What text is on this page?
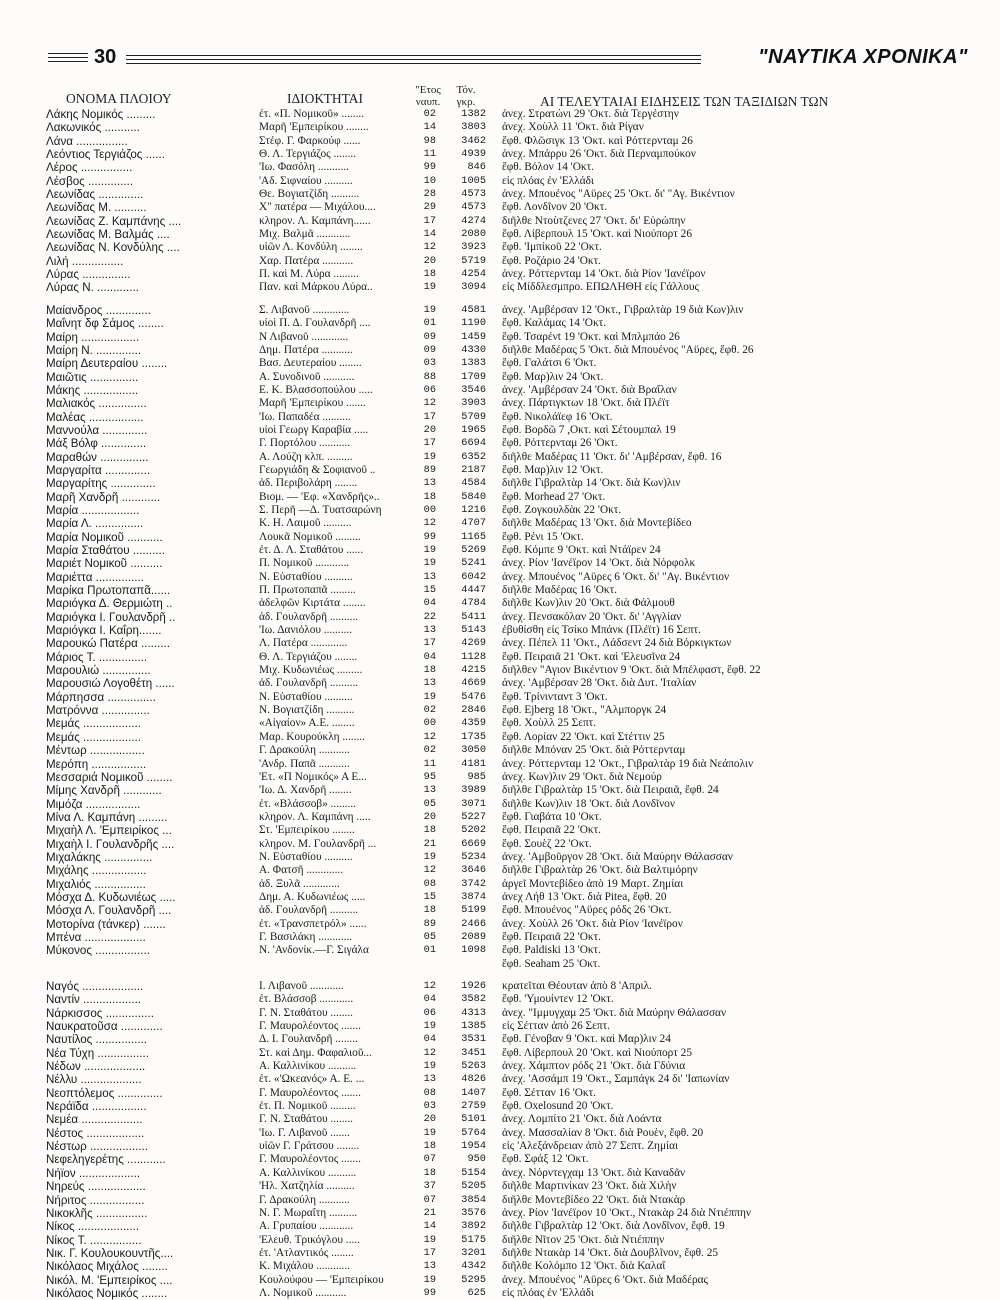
30	"ΝΑΥΤΙΚΑ ΧΡΟΝΙΚΑ"
ΟΝΟΜΑ ΠΛΟΙΟΥ	ΙΔΙΟΚΤΗΤΑΙ
"Ετος
ναυπ.
Τόν.
γκρ.	ΑΙ ΤΕΛΕΥΤΑΙΑΙ ΕΙΔΗΣΕΙΣ ΤΩΝ ΤΑΞΙΔΙΩΝ ΤΩΝ
Λάκης Νομικός .........	έτ. «Π. Νομικοῦ» ........	02	1382 ἀνεχ. Στρατώνι 29 'Οκτ. διὰ Τεργέστην
Λακωνικός ...........	Μαρῆ 'Εμπειρίκου ........	14	3803 ἀνεχ. Χοὺλλ 11 'Οκτ. διὰ Ρίγαν
Λάνα ................	Στέφ. Γ. Φαρκούφ ......	98	3462 ἔφθ. Φλῶσιγκ 13 'Οκτ. καὶ Ρόττερνταμ 26
Λεόντιος Τεργιάζος ......	Θ. Λ. Τεργιάζος ........	11	4939 ἀνεχ. Μπάρρυ 26 'Οκτ. διὰ Περναμπούκον
Λέρος ................	'Ιω. Φασόλη ...........	99	846 ἔφθ. Βόλον 14 'Οκτ.
Λέσβος ..............	'Αδ. Σιφναίου ..........	10	1005 εἰς πλόας ἐν 'Ελλάδι
Λεωνίδας ..............	Θε. Βογιατζίδη ..........	28	4573 ἀνεχ. Μπουένος "Αϋρες 25 'Οκτ. δι' "Αγ. Βικέντιον
Λεωνίδας Μ. ..........	Χ" πατέρα — Μιχάλου....	29	4573 ἔφθ. Λονδῖνον 20 'Οκτ.
Λεωνίδας Ζ. Καμπάνης ....	κληρον. Λ. Καμπάνη......	17	4274 διῆλθε Ντοὺτζενες 27 'Οκτ. δι' Εὐρώπην
Λεωνίδας Μ. Βαλμάς ....	Μιχ. Βαλμᾶ ............	14	2080 ἔφθ. Λίβερπουλ 15 'Οκτ. καὶ Νιούπορτ 26
Λεωνίδας Ν. Κονδύλης ....	υἱῶν Λ. Κονδύλη ........	12	3923 ἔφθ. 'Ιμπίκοῦ 22 'Οκτ.
Λιλή ................	Χαρ. Πατέρα ...........	20	5719 ἔφθ. Ροζάριο 24 'Οκτ.
Λύρας ...............	Π. καὶ Μ. Λύρα .........	18	4254 ἀνεχ. Ρόττερνταμ 14 'Οκτ. διὰ Ρίον 'Ιανέϊρον
Λύρας Ν. .............	Παν. καὶ Μάρκου Λύρα..	19	3094 εἰς Μίδδλεσμπρο. ΕΠΩΛΗΘΗ εἰς Γάλλους
Μαίανδρος ..............	Σ. Λιβανοῦ .............	19	4581 ἀνεχ. 'Αμβέρσαν 12 'Οκτ., Γιβραλτὰρ 19 διὰ Κων)λιν
Μαΐνητ δφ Σάμος ........	υἱοὶ Π. Δ. Γουλανδρῆ ....	01	1190 ἔφθ. Καλάμας 14 'Οκτ.
Μαίρη ..................	Ν Λιβανοῦ .............	09	1459 ἔφθ. Τσαρένt 19 'Οκτ. καὶ Μπλμπάο 26
Μαίρη Ν. ..............	Δημ. Πατέρα ...........	09	4330 διῆλθε Μαδέρας 5 'Οκτ. διὰ Μπουένος "Αϋρες, ἔφθ. 26
Μαίρη Δευτεραίου ........	Βασ. Δευτεραίου ........	03	1383 ἔφθ. Γαλάτσι 6 'Οκτ.
Μαιῶτις ...............	Α. Συνοδινοῦ ...........	88	1709 ἔφθ. Μαρ)λιν 24 'Οκτ.
Μάκης .................	Ε. Κ. Βλασσοπούλου .....	06	3546 ἀνεχ. 'Αμβέρσαν 24 'Οκτ. διὰ Βραΐλαν
Μαλιακός ...............	Μαρῆ 'Εμπειρίκου .......	12	3903 ἀνεχ. Πάρτιγκτων 18 'Οκτ. διὰ Πλέϊτ
Μαλέας .................	'Ιω. Παπαδέα ..........	17	5709 ἔφθ. Νικολάϊεφ 16 'Οκτ.
Μαννούλα ..............	υἱοὶ Γεωργ Καραβία .....	20	1965 ἔφθ. Βορδῶ 7 ,Οκτ. καὶ Σέτουμπαλ 19
Μάξ Βόλφ ..............	Γ. Πορτόλου ...........	17	6694 ἔφθ. Ρόττερνταμ 26 'Οκτ.
Μαραθών ...............	Α. Λούζη κλπ. .........	19	6352 διῆλθε Μαδέρας 11 'Οκτ. δι' 'Αμβέρσαν, ἔφθ. 16
Μαργαρίτα ..............	Γεωργιάδη & Σοφιανοῦ ..	89	2187 ἔφθ. Μαρ)λιν 12 'Οκτ.
Μαργαρίτης ..............	ἀδ. Περιβολάρη ........	13	4584 διῆλθε Γιβραλτὰρ 14 'Οκτ. διὰ Κων)λιν
Μαρῆ Χανδρῆ ............	Βιομ. — 'Εφ. «Χανδρῆς»..	18	5840 ἔφθ. Morhead 27 'Οκτ.
Μαρία ..................	Σ. Περῆ —Δ. Τυατσαρώνη	00	1216 ἔφθ. Ζογκουλδὰκ 22 'Οκτ.
Μαρία Λ. ...............	Κ. Η. Λαιμοῦ ..........	12	4707 διῆλθε Μαδέρας 13 'Οκτ. διὰ Μοντεβίδεο
Μαρία Νομικοῦ ...........	Λουκᾶ Νομικοῦ .........	99	1165 ἔφθ. Ρένι 15 'Οκτ.
Μαρία Σταθάτου ..........	ἐτ. Δ. Λ. Σταθάτου ......	19	5269 ἔφθ. Κόμπε 9 'Οκτ. καὶ Ντάϊρεν 24
Μαριέτ Νομικοῦ ..........	Π. Νομικοῦ ............	19	5241 ἀνεχ. Ρίον 'Ιανέϊρον 14 'Οκτ. διὰ Νόρφολκ
Μαριέττα ...............	Ν. Εὐσταθίου ..........	13	6042 ἀνεχ. Μπουένος "Αϋρες 6 'Οκτ. δι' "Αγ. Βικέντιον
Μαρίκα Πρωτοπαπᾶ......	Π. Πρωτοπαπᾶ .........	15	4447 διῆλθε Μαδέρας 16 'Οκτ.
Μαριόγκα Δ. Θερμιώτη ..	ἀδελφῶν Κιρτάτα ........	04	4784 διῆλθε Κων)λιν 20 'Οκτ. διὰ Φάλμουθ
Μαριόγκα Ι. Γουλανδρῆ ..	ἀδ. Γουλανδρῆ ..........	22	5411 ἀνεχ. Πενσακόλαν 20 'Οκτ. δι' 'Αγγλίαν
Μαριόγκα Ι. Καΐρη.......	'Ιω. Δανιόλου ..........	13	5143 ἐβυθίσθη εἰς Τσίκο Μπάνκ (Πλέϊτ) 16 Σεπτ.
Μαρουκώ Πατέρα .........	Λ. Πατέρα .............	17	4269 ἀνεχ. Πέπελ 11 'Οκτ., Λάδσεντ 24 διὰ Βόρκιγκτων
Μάριος Τ. ...............	Θ. Λ. Τεργιάζου ........	04	1128 ἔφθ. Πειραιᾶ 21 'Οκτ. καὶ 'Ελευσῖνα 24
Μαρουλιώ ...............	Μιχ. Κυδωνιέως .........	18	4215 διῆλθεν "Αγιον Βικέντιον 9 'Οκτ. διὰ Μπέλφαστ, ἔφθ. 22
Μαρουσιώ Λογοθέτη ......	ἀδ. Γουλανδρῆ ..........	13	4669 ἀνεχ. 'Αμβέρσαν 28 'Οκτ. διὰ Δυτ. 'Ιταλίαν
Μάρπησσα ...............	Ν. Εὐσταθίου ..........	19	5476 ἔφθ. Τρίνινταντ 3 'Οκτ.
Ματρόννα ...............	Ν. Βογιατζίδη ..........	02	2846 ἔφθ. Ejberg 18 'Οκτ., "Αλμποργκ 24
Μεμάς ..................	«Αἰγαίον» Α.Ε. ........	00	4359 ἔφθ. Χοὺλλ 25 Σεπτ.
Μεμάς ..................	Μαρ. Κουρούκλη ........	12	1735 ἔφθ. Λορίαν 22 'Οκτ. καὶ Στέττιν 25
Μέντωρ .................	Γ. Δρακούλη ...........	02	3050 διῆλθε Μπόναν 25 'Οκτ. διὰ Ρόττερνταμ
Μερόπη .................	'Ανδρ. Παπᾶ ...........	11	4181 ἀνεχ. Ρόττερνταμ 12 'Οκτ., Γιβραλτὰρ 19 διὰ Νεάπολιν
Μεσσαριά Νομικοῦ ........	'Ετ. «Π Νομικός» Α Ε...	95	985 ἀνεχ. Κων)λιν 29 'Οκτ. διὰ Νεμούρ
Μίμης Χανδρῆ ............	'Ιω. Δ. Χανδρῆ ........	13	3989 διῆλθε Γιβραλτὰρ 15 'Οκτ. διὰ Πειραιᾶ, ἔφθ. 24
Μιμόζα .................	ἐτ. «Βλάσσοβ» .........	05	3071 διῆλθε Κων)λιν 18 'Οκτ. διὰ Λονδῖνον
Μίνα Λ. Καμπάνη .........	κληρον. Λ. Καμπάνη .....	20	5227 ἔφθ. Γιαβάτα 10 'Οκτ.
Μιχαὴλ Λ. 'Εμπειρίκος ...	Στ. 'Εμπειρίκου ........	18	5202 ἔφθ. Πειραιᾶ 22 'Οκτ.
Μιχαὴλ Ι. Γουλανδρῆς ....	κληρον. Μ. Γουλανδρῆ ...	21	6669 ἔφθ. Σουὲζ 22 'Οκτ.
Μιχαλάκης ...............	Ν. Εὐσταθίου ..........	19	5234 ἀνεχ. 'Αμβοῦργον 28 'Οκτ. διὰ Μαύρην Θάλασσαν
Μιχάλης .................	Α. Φατσῆ .............	12	3646 διῆλθε Γιβραλτὰρ 26 'Οκτ. διὰ Βαλτιμόρην
Μιχαλιός ................	ἀδ. Ξυλᾶ .............	08	3742 ἀργεῖ Μοντεβίδεο ἀπὸ 19 Μαρτ. Ζημίαι
Μόσχα Δ. Κυδωνιέως .....	Δημ. Α. Κυδωνιέως .....	15	3874 ἀνεχ Λήθ 13 'Οκτ. διὰ Pitea, ἔφθ. 20
Μόσχα Λ. Γουλανδρῆ ....	ἀδ. Γουλανδρῆ ..........	18	5199 ἔφθ. Μπουένος "Αϋρες ρόδς 26 'Οκτ.
Μοτορίνα (τάνκερ) .......	ἐτ. «Τρανσπετρόλ» ......	89	2466 ἀνεχ. Χοὺλλ 26 'Οκτ. διὰ Ρίον 'Ιανέϊρον
Μπένα ...................	Γ. Βασιλάκη ............	05	2089 ἔφθ. Πειραιᾶ 22 'Οκτ.
Μύκονος .................	Ν. 'Ανδονίκ.—Γ. Σιγάλα	01	1098 ἔφθ. Paldiski 13 'Οκτ.
ἔφθ. Seaham 25 'Οκτ.
Ναγός ...................	Ι. Λιβανοῦ ............	12	1926 κρατεῖται Θέουταν ἀπὸ 8 'Απριλ.
Ναντίν ..................	ἐτ. Βλάσσοβ ............	04	3582 ἔφθ. 'Υμουίντεν 12 'Οκτ.
Νάρκισσος ...............	Γ. Ν. Σταθάτου ........	06	4313 ἀνεχ. "Ιμμυγχαμ 25 'Οκτ. διὰ Μαύρην Θάλασσαν
Ναυκρατοῦσα .............	Γ. Μαυρολέοντος .......	19	1385 εἰς Σέτταν ἀπὸ 26 Σεπτ.
Ναυτίλος ................	Δ. Ι. Γουλανδρῆ ........	04	3531 ἔφθ. Γένοβαν 9 'Οκτ. καὶ Μαρ)λιν 24
Νέα Τύχη ................	Στ. καὶ Δημ. Φαφαλιοῦ...	12	3451 ἔφθ. Λίβερπουλ 20 'Οκτ. καὶ Νιούπορτ 25
Νέδων ...................	Α. Καλλινίκου ..........	19	5263 ἀνεχ. Χάμπτον ρόδς 21 'Οκτ. διὰ Γδύνια
Νέλλυ ...................	ἐτ. «'Ωκεανός» Α. Ε. ...	13	4826 ἀνεχ. 'Ασσάμπ 19 'Οκτ., Σαμπάγκ 24 δι' 'Ιαπωνίαν
Νεοπτόλεμος ..............	Γ. Μαυρολέοντος .......	08	1407 ἔφθ. Σέτταν 16 'Οκτ.
Νεράϊδα .................	ἐτ. Π. Νομικοῦ .........	03	2759 ἔφθ. Oxelosund 20 'Οκτ.
Νεμέα ...................	Γ. Ν. Σταθάτου ........	20	5101 ἀνεχ. Λομπίτο 21 'Οκτ. διὰ Λοάντα
Νέστος ..................	'Ιω. Γ. Λιβανοῦ .......	19	5764 ἀνεχ. Μασσαλίαν 8 'Οκτ. διὰ Ρουὲν, ἔφθ. 20
Νέστωρ ..................	υἱῶν Γ. Γράτσου ........	18	1954 εἰς 'Αλεξάνδρειαν ἀπὸ 27 Σεπτ. Ζημίαι
Νεφεληγερέτης ............	Γ. Μαυρολέοντος .......	07	950 ἔφθ. Σφάξ 12 'Οκτ.
Νήϊον ...................	Α. Καλλινίκου ..........	18	5154 ἀνεχ. Νόρντεγχαμ 13 'Οκτ. διὰ Καναδᾶν
Νηρεύς ..................	'Ηλ. Χατζηλία ..........	37	5205 διῆλθε Μαρτινίκαν 23 'Οκτ. διὰ Χιλὴν
Νήριτος .................	Γ. Δρακούλη ...........	07	3854 διῆλθε Μοντεβίδεο 22 'Οκτ. διὰ Ντακὰρ
Νικοκλῆς ................	Ν. Γ. Μωραΐτη ..........	21	3576 ἀνεχ. Ρίον 'Ιανέϊρον 10 'Οκτ., Ντακὰρ 24 διὰ Ντιέππην
Νίκος ...................	Α. Γρυπαίου ............	14	3892 διῆλθε Γιβραλτὰρ 12 'Οκτ. διὰ Λονδῖνον, ἔφθ. 19
Νίκος Τ. ................	'Ελευθ. Τρικόγλου .....	19	5175 διῆλθε Νῖτον 25 'Οκτ. διὰ Ντιέππην
Νικ. Γ. Κουλουκουντῆς....	ἐτ. 'Ατλαντικός ........	17	3201 διῆλθε Ντακὰρ 14 'Οκτ. διὰ Δουβλῖνον, ἔφθ. 25
Νικόλαος Μιχάλος ........	Κ. Μιχάλου ............	13	4342 διῆλθε Κολόμπο 12 'Οκτ. διὰ Καλαΐ
Νικόλ. Μ. 'Εμπειρίκος ....	Κουλούφου — 'Εμπειρίκου	19	5295 ἀνεχ. Μπουένος "Αϋρες 6 'Οκτ. διὰ Μαδέρας
Νικόλαος Νομικός ........	Λ. Νομικοῦ ...........	99	625 εἰς πλόας ἐν 'Ελλάδι
